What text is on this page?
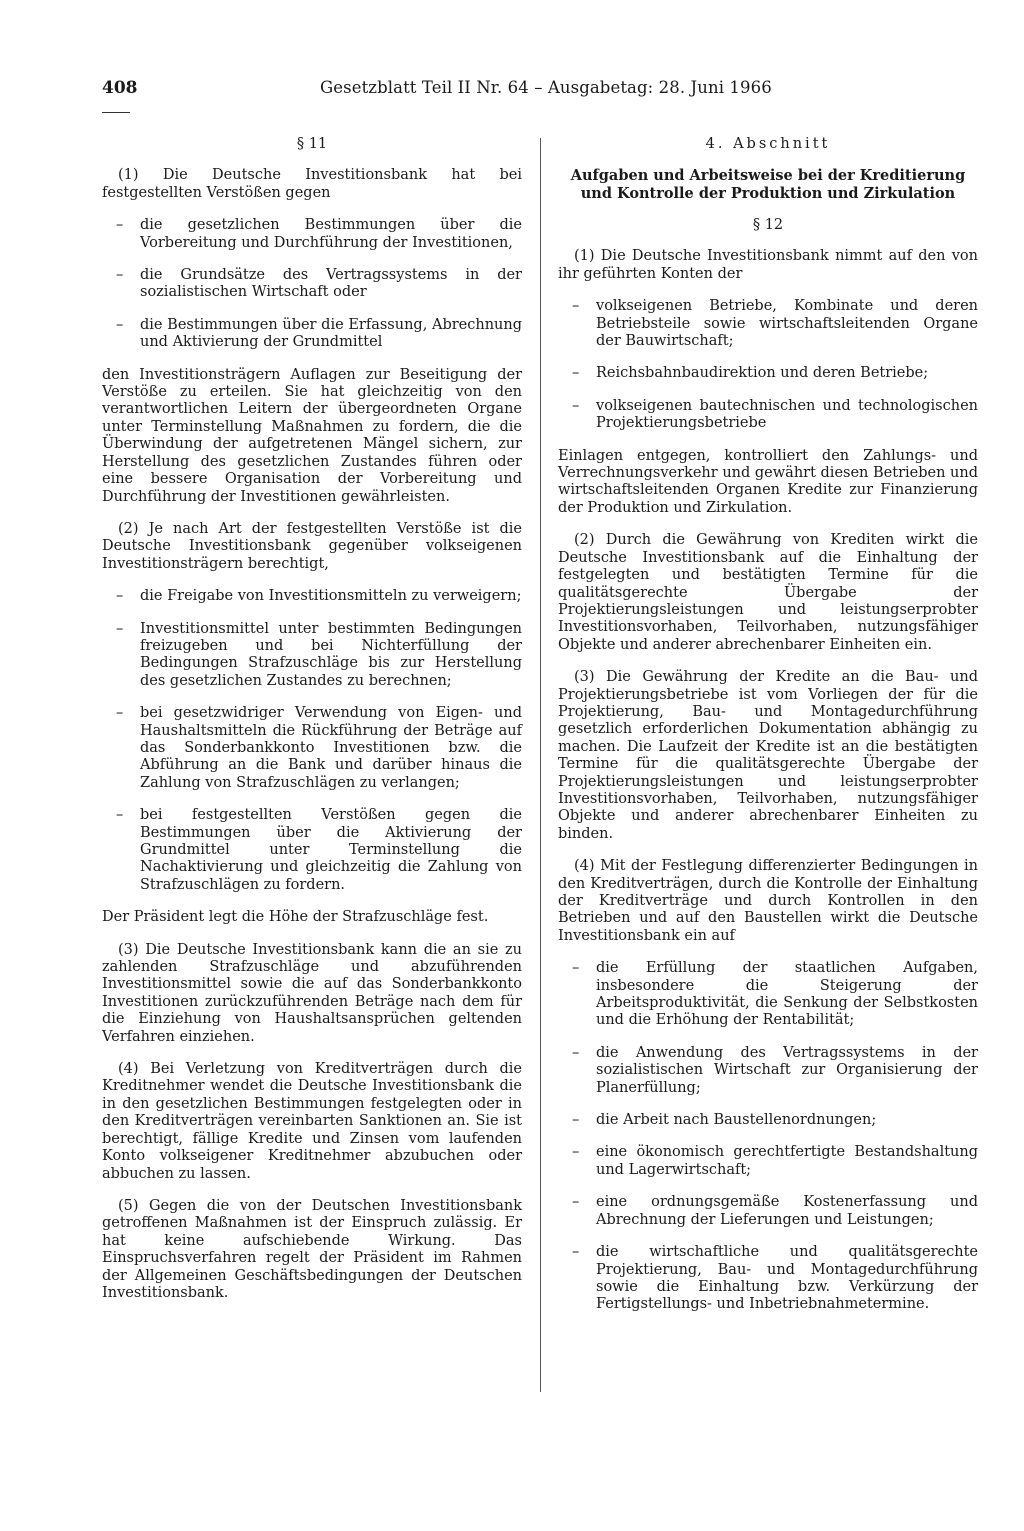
408	Gesetzblatt Teil II Nr. 64 – Ausgabetag: 28. Juni 1966
§ 11

(1) Die Deutsche Investitionsbank hat bei festgestellten Verstößen gegen

– die gesetzlichen Bestimmungen über die Vorbereitung und Durchführung der Investitionen,
– die Grundsätze des Vertragssystems in der sozialistischen Wirtschaft oder
– die Bestimmungen über die Erfassung, Abrechnung und Aktivierung der Grundmittel

den Investitionsträgern Auflagen zur Beseitigung der Verstöße zu erteilen. Sie hat gleichzeitig von den verantwortlichen Leitern der übergeordneten Organe unter Terminstellung Maßnahmen zu fordern, die die Überwindung der aufgetretenen Mängel sichern, zur Herstellung des gesetzlichen Zustandes führen oder eine bessere Organisation der Vorbereitung und Durchführung der Investitionen gewährleisten.

(2) Je nach Art der festgestellten Verstöße ist die Deutsche Investitionsbank gegenüber volkseigenen Investitionsträgern berechtigt,

– die Freigabe von Investitionsmitteln zu verweigern;
– Investitionsmittel unter bestimmten Bedingungen freizugeben und bei Nichterfüllung der Bedingungen Strafzuschläge bis zur Herstellung des gesetzlichen Zustandes zu berechnen;
– bei gesetzwidriger Verwendung von Eigen- und Haushaltsmitteln die Rückführung der Beträge auf das Sonderbankkonto Investitionen bzw. die Abführung an die Bank und darüber hinaus die Zahlung von Strafzuschlägen zu verlangen;
– bei festgestellten Verstößen gegen die Bestimmungen über die Aktivierung der Grundmittel unter Terminstellung die Nachaktivierung und gleichzeitig die Zahlung von Strafzuschlägen zu fordern.

Der Präsident legt die Höhe der Strafzuschläge fest.

(3) Die Deutsche Investitionsbank kann die an sie zu zahlenden Strafzuschläge und abzuführenden Investitionsmittel sowie die auf das Sonderbankkonto Investitionen zurückzuführenden Beträge nach dem für die Einziehung von Haushaltsansprüchen geltenden Verfahren einziehen.

(4) Bei Verletzung von Kreditverträgen durch die Kreditnehmer wendet die Deutsche Investitionsbank die in den gesetzlichen Bestimmungen festgelegten oder in den Kreditverträgen vereinbarten Sanktionen an. Sie ist berechtigt, fällige Kredite und Zinsen vom laufenden Konto volkseigener Kreditnehmer abzubuchen oder abbuchen zu lassen.

(5) Gegen die von der Deutschen Investitionsbank getroffenen Maßnahmen ist der Einspruch zulässig. Er hat keine aufschiebende Wirkung. Das Einspruchsverfahren regelt der Präsident im Rahmen der Allgemeinen Geschäftsbedingungen der Deutschen Investitionsbank.

4. Abschnitt
Aufgaben und Arbeitsweise bei der Kreditierung und Kontrolle der Produktion und Zirkulation
§ 12

(1) Die Deutsche Investitionsbank nimmt auf den von ihr geführten Konten der

– volkseigenen Betriebe, Kombinate und deren Betriebsteile sowie wirtschaftsleitenden Organe der Bauwirtschaft;
– Reichsbahnbaudirektion und deren Betriebe;
– volkseigenen bautechnischen und technologischen Projektierungsbetriebe

Einlagen entgegen, kontrolliert den Zahlungs- und Verrechnungsverkehr und gewährt diesen Betrieben und wirtschaftsleitenden Organen Kredite zur Finanzierung der Produktion und Zirkulation.

(2) Durch die Gewährung von Krediten wirkt die Deutsche Investitionsbank auf die Einhaltung der festgelegten und bestätigten Termine für die qualitätsgerechte Übergabe der Projektierungsleistungen und leistungserprobter Investitionsvorhaben, Teilvorhaben, nutzungsfähiger Objekte und anderer abrechenbarer Einheiten ein.

(3) Die Gewährung der Kredite an die Bau- und Projektierungsbetriebe ist vom Vorliegen der für die Projektierung, Bau- und Montagedurchführung gesetzlich erforderlichen Dokumentation abhängig zu machen. Die Laufzeit der Kredite ist an die bestätigten Termine für die qualitätsgerechte Übergabe der Projektierungsleistungen und leistungserprobter Investitionsvorhaben, Teilvorhaben, nutzungsfähiger Objekte und anderer abrechenbarer Einheiten zu binden.

(4) Mit der Festlegung differenzierter Bedingungen in den Kreditverträgen, durch die Kontrolle der Einhaltung der Kreditverträge und durch Kontrollen in den Betrieben und auf den Baustellen wirkt die Deutsche Investitionsbank ein auf

– die Erfüllung der staatlichen Aufgaben, insbesondere die Steigerung der Arbeitsproduktivität, die Senkung der Selbstkosten und die Erhöhung der Rentabilität;
– die Anwendung des Vertragssystems in der sozialistischen Wirtschaft zur Organisierung der Planerfüllung;
– die Arbeit nach Baustellenordnungen;
– eine ökonomisch gerechtfertigte Bestandshaltung und Lagerwirtschaft;
– eine ordnungsgemäße Kostenerfassung und Abrechnung der Lieferungen und Leistungen;
– die wirtschaftliche und qualitätsgerechte Projektierung, Bau- und Montagedurchführung sowie die Einhaltung bzw. Verkürzung der Fertigstellungs- und Inbetriebnahmetermine.
